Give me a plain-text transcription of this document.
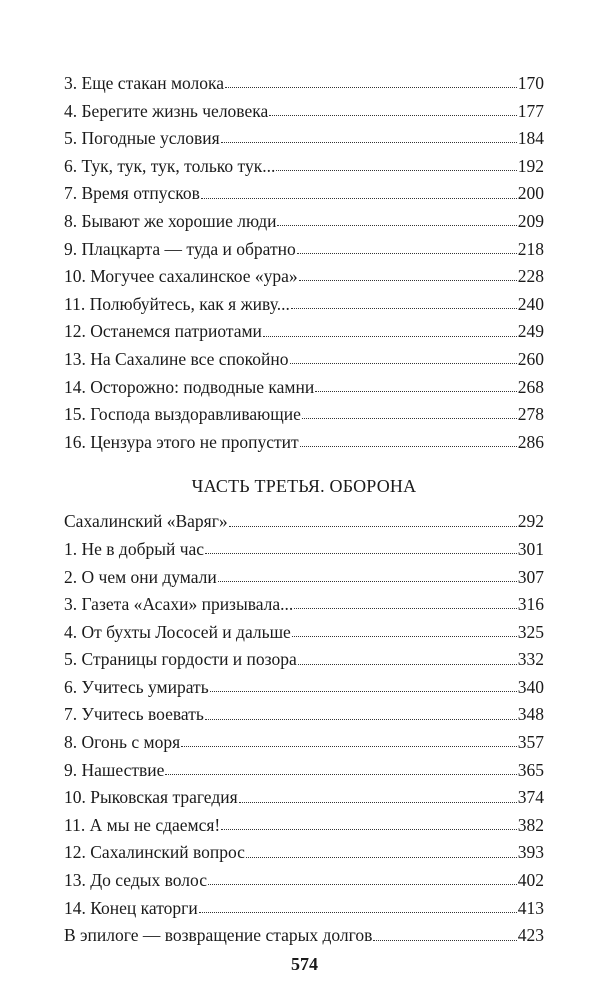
3. Еще стакан молока	170
4. Берегите жизнь человека	177
5. Погодные условия	184
6. Тук, тук, тук, только тук...	192
7. Время отпусков	200
8. Бывают же хорошие люди	209
9. Плацкарта — туда и обратно	218
10. Могучее сахалинское «ура»	228
11. Полюбуйтесь, как я живу...	240
12. Останемся патриотами	249
13. На Сахалине все спокойно	260
14. Осторожно: подводные камни	268
15. Господа выздоравливающие	278
16. Цензура этого не пропустит	286
ЧАСТЬ ТРЕТЬЯ. ОБОРОНА
Сахалинский «Варяг»	292
1. Не в добрый час	301
2. О чем они думали	307
3. Газета «Асахи» призывала...	316
4. От бухты Лососей и дальше	325
5. Страницы гордости и позора	332
6. Учитесь умирать	340
7. Учитесь воевать	348
8. Огонь с моря	357
9. Нашествие	365
10. Рыковская трагедия	374
11. А мы не сдаемся!	382
12. Сахалинский вопрос	393
13. До седых волос	402
14. Конец каторги	413
В эпилоге — возвращение старых долгов	423
574
